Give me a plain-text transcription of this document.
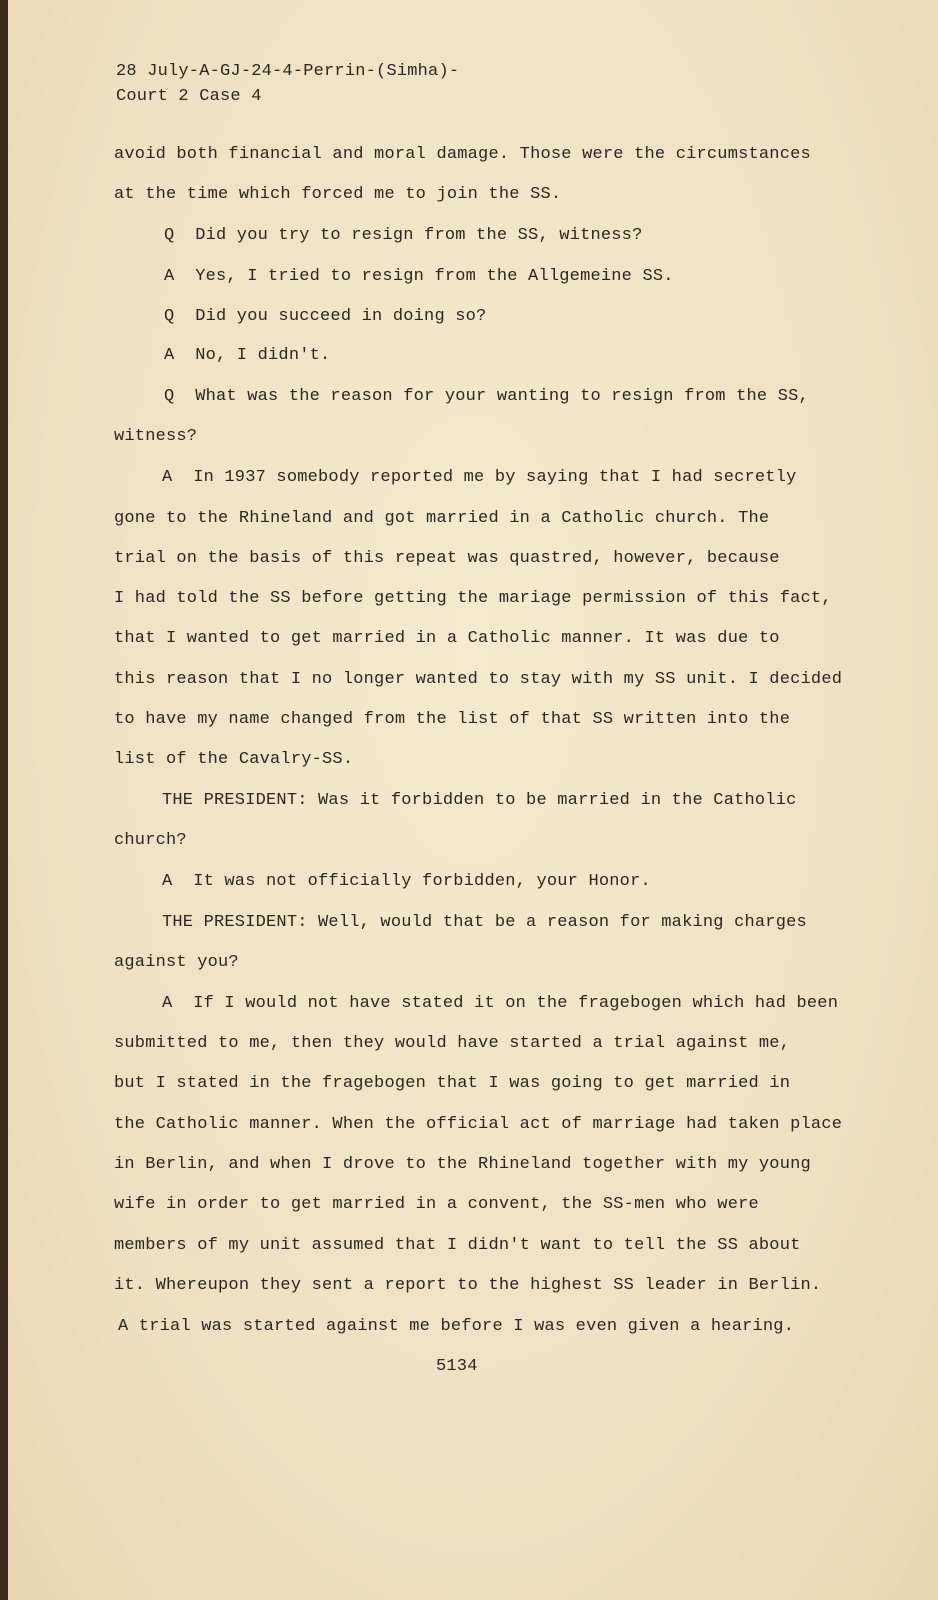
28 July-A-GJ-24-4-Perrin-(Simha)-

Court 2 Case 4

avoid both financial and moral damage. Those were the circumstances

at the time which forced me to join the SS.

Q  Did you try to resign from the SS, witness?

A  Yes, I tried to resign from the Allgemeine SS.

Q  Did you succeed in doing so?

A  No, I didn't.

Q  What was the reason for your wanting to resign from the SS,

witness?

A  In 1937 somebody reported me by saying that I had secretly

gone to the Rhineland and got married in a Catholic church. The

trial on the basis of this repeat was quastred, however, because

I had told the SS before getting the mariage permission of this fact,

that I wanted to get married in a Catholic manner. It was due to

this reason that I no longer wanted to stay with my SS unit. I decided

to have my name changed from the list of that SS written into the

list of the Cavalry-SS.

THE PRESIDENT: Was it forbidden to be married in the Catholic

church?

A  It was not officially forbidden, your Honor.

THE PRESIDENT: Well, would that be a reason for making charges

against you?

A  If I would not have stated it on the fragebogen which had been

submitted to me, then they would have started a trial against me,

but I stated in the fragebogen that I was going to get married in

the Catholic manner. When the official act of marriage had taken place

in Berlin, and when I drove to the Rhineland together with my young

wife in order to get married in a convent, the SS-men who were

members of my unit assumed that I didn't want to tell the SS about

it. Whereupon they sent a report to the highest SS leader in Berlin.

A trial was started against me before I was even given a hearing.

5134
